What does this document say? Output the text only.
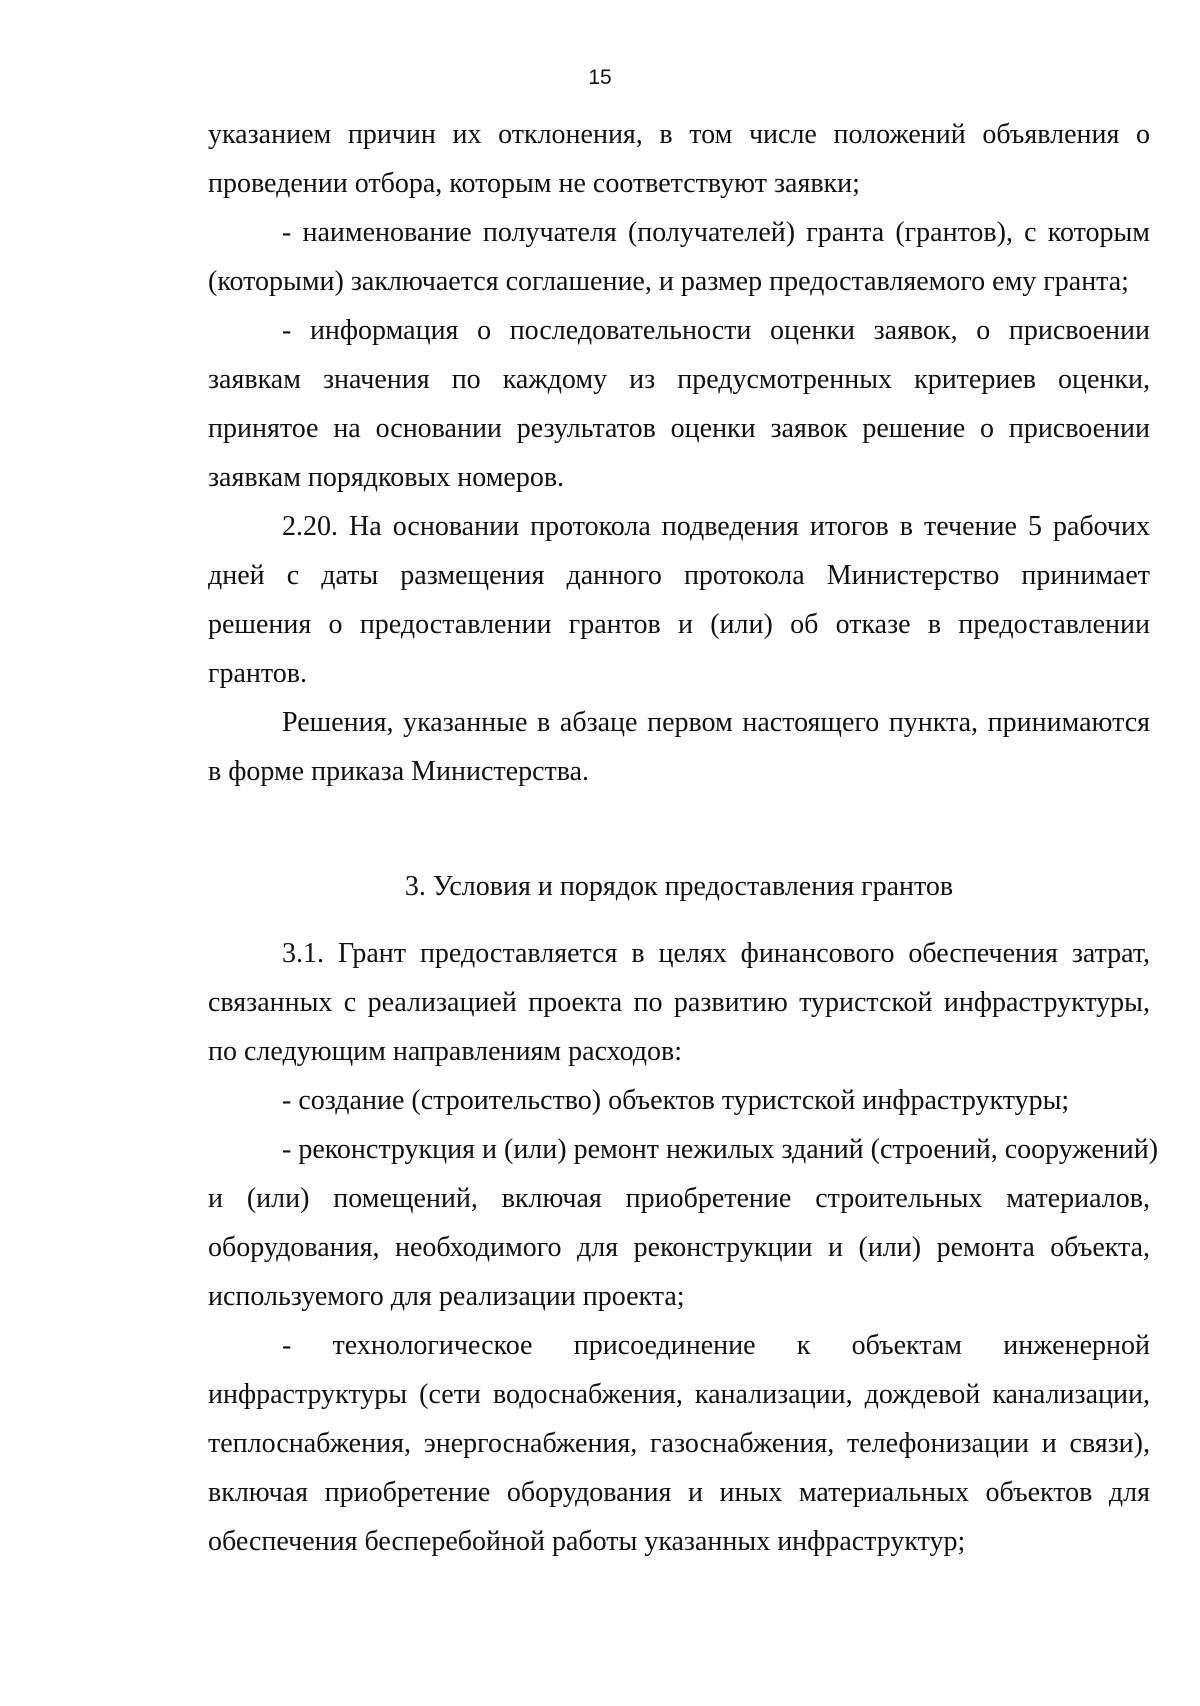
15
указанием причин их отклонения, в том числе положений объявления о
проведении отбора, которым не соответствуют заявки;
- наименование получателя (получателей) гранта (грантов), с которым
(которыми) заключается соглашение, и размер предоставляемого ему гранта;
- информация о последовательности оценки заявок, о присвоении
заявкам значения по каждому из предусмотренных критериев оценки,
принятое на основании результатов оценки заявок решение о присвоении
заявкам порядковых номеров.
2.20. На основании протокола подведения итогов в течение 5 рабочих
дней с даты размещения данного протокола Министерство принимает
решения о предоставлении грантов и (или) об отказе в предоставлении
грантов.
Решения, указанные в абзаце первом настоящего пункта, принимаются
в форме приказа Министерства.
3. Условия и порядок предоставления грантов
3.1. Грант предоставляется в целях финансового обеспечения затрат,
связанных с реализацией проекта по развитию туристской инфраструктуры,
по следующим направлениям расходов:
- создание (строительство) объектов туристской инфраструктуры;
- реконструкция и (или) ремонт нежилых зданий (строений, сооружений)
и (или) помещений, включая приобретение строительных материалов,
оборудования, необходимого для реконструкции и (или) ремонта объекта,
используемого для реализации проекта;
- технологическое присоединение к объектам инженерной
инфраструктуры (сети водоснабжения, канализации, дождевой канализации,
теплоснабжения, энергоснабжения, газоснабжения, телефонизации и связи),
включая приобретение оборудования и иных материальных объектов для
обеспечения бесперебойной работы указанных инфраструктур;
